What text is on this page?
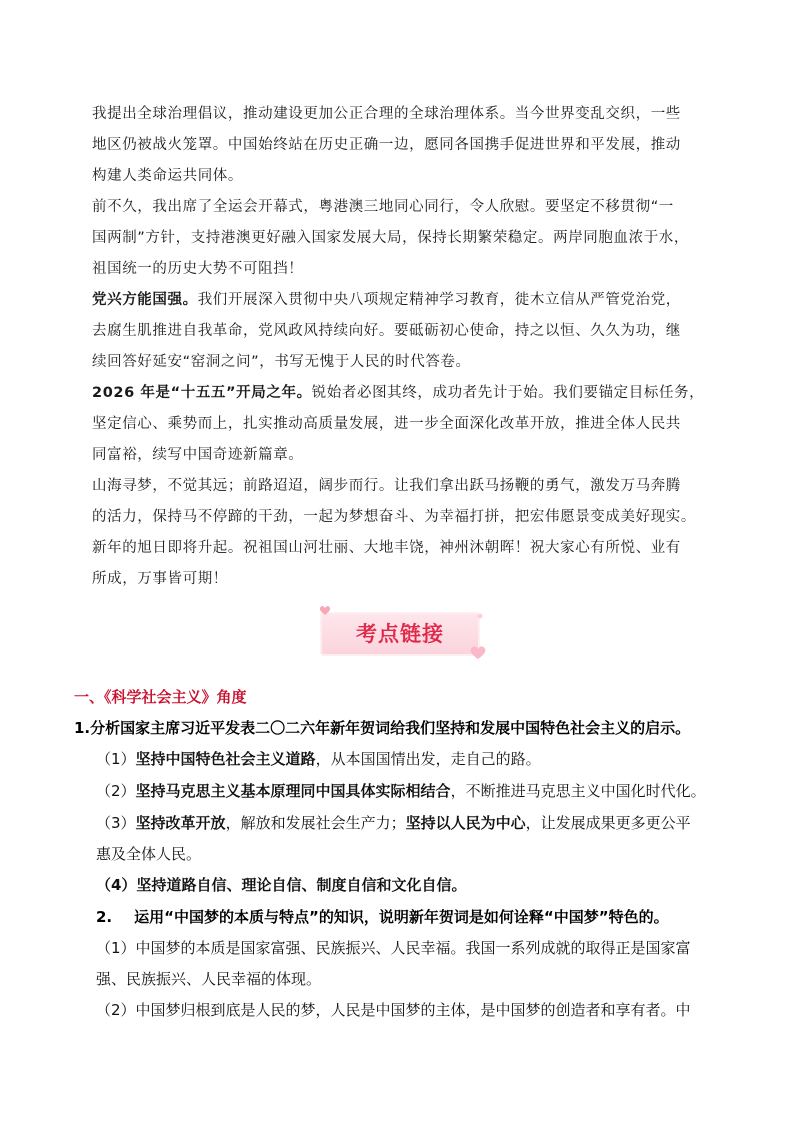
我提出全球治理倡议，推动建设更加公正合理的全球治理体系。当今世界变乱交织，一些
地区仍被战火笼罩。中国始终站在历史正确一边，愿同各国携手促进世界和平发展，推动
构建人类命运共同体。
前不久，我出席了全运会开幕式，粤港澳三地同心同行，令人欣慰。要坚定不移贯彻“一
国两制”方针，支持港澳更好融入国家发展大局，保持长期繁荣稳定。两岸同胞血浓于水，
祖国统一的历史大势不可阻挡！
党兴方能国强。我们开展深入贯彻中央八项规定精神学习教育，徙木立信从严管党治党，
去腐生肌推进自我革命，党风政风持续向好。要砥砺初心使命，持之以恒、久久为功，继
续回答好延安“窑洞之问”，书写无愧于人民的时代答卷。
2026 年是“十五五”开局之年。锐始者必图其终，成功者先计于始。我们要锚定目标任务，
坚定信心、乘势而上，扎实推动高质量发展，进一步全面深化改革开放，推进全体人民共
同富裕，续写中国奇迹新篇章。
山海寻梦，不觉其远；前路迢迢，阔步而行。让我们拿出跃马扬鞭的勇气，激发万马奔腾
的活力，保持马不停蹄的干劲，一起为梦想奋斗、为幸福打拼，把宏伟愿景变成美好现实。
新年的旭日即将升起。祝祖国山河壮丽、大地丰饶，神州沐朝晖！祝大家心有所悦、业有
所成，万事皆可期！
考点链接
一、《科学社会主义》角度
1.分析国家主席习近平发表二〇二六年新年贺词给我们坚持和发展中国特色社会主义的启示。
（1）坚持中国特色社会主义道路，从本国国情出发，走自己的路。
（2）坚持马克思主义基本原理同中国具体实际相结合，不断推进马克思主义中国化时代化。
（3）坚持改革开放，解放和发展社会生产力；坚持以人民为中心，让发展成果更多更公平
惠及全体人民。
（4）坚持道路自信、理论自信、制度自信和文化自信。
2. 运用“中国梦的本质与特点”的知识，说明新年贺词是如何诠释“中国梦”特色的。
（1）中国梦的本质是国家富强、民族振兴、人民幸福。我国一系列成就的取得正是国家富
强、民族振兴、人民幸福的体现。
（2）中国梦归根到底是人民的梦，人民是中国梦的主体，是中国梦的创造者和享有者。中
